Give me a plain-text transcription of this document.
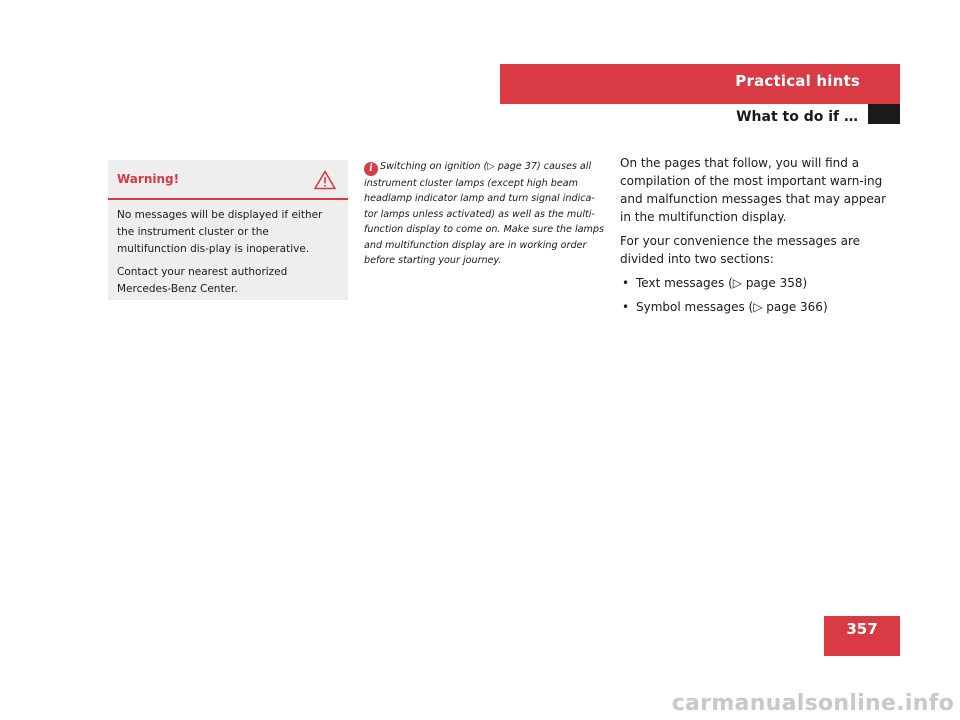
Practical hints
What to do if …
Warning!

No messages will be displayed if either the instrument cluster or the multifunction dis-play is inoperative.

Contact your nearest authorized Mercedes-Benz Center.

i Switching on ignition (▷ page 37) causes all instrument cluster lamps (except high beam headlamp indicator lamp and turn signal indica-tor lamps unless activated) as well as the multi-function display to come on. Make sure the lamps and multifunction display are in working order before starting your journey.

On the pages that follow, you will find a compilation of the most important warn-ing and malfunction messages that may appear in the multifunction display.

For your convenience the messages are divided into two sections:

• Text messages (▷ page 358)
• Symbol messages (▷ page 366)
357
carmanualsonline.info
